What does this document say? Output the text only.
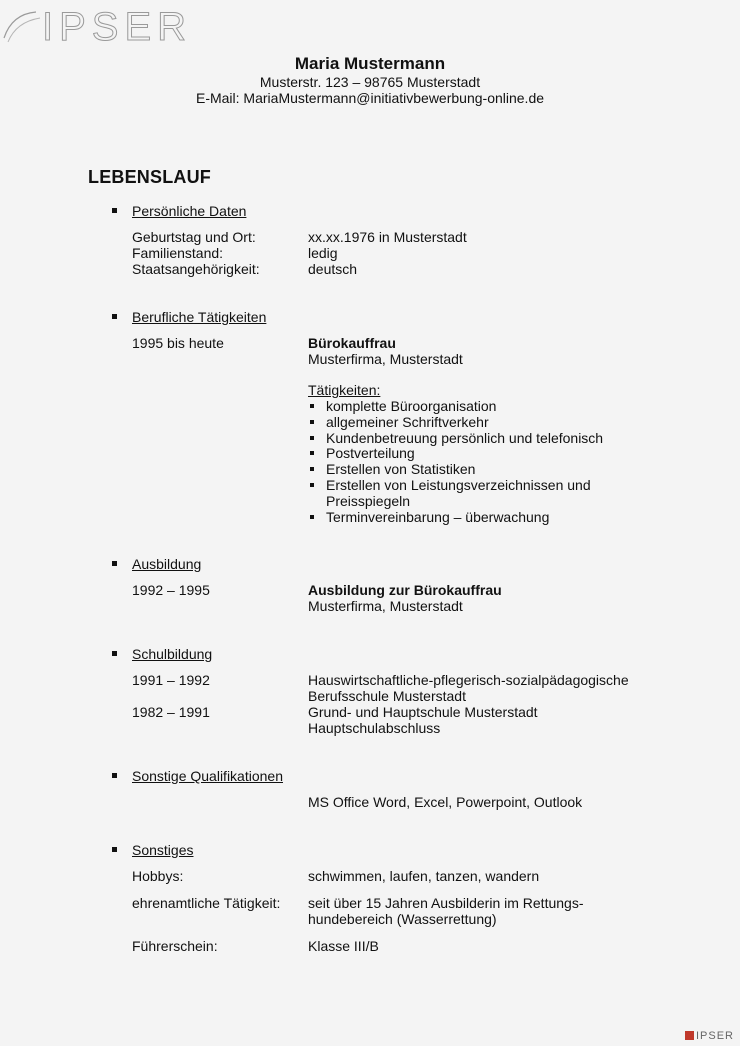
IPSER
Maria Mustermann
Musterstr. 123 – 98765 Musterstadt
E-Mail: MariaMustermann@initiativbewerbung-online.de
LEBENSLAUF
Persönliche Daten
Geburtstag und Ort:	xx.xx.1976 in Musterstadt
Familienstand:	ledig
Staatsangehörigkeit:	deutsch
Berufliche Tätigkeiten
1995 bis heute	Bürokauffrau
Musterfirma, Musterstadt
Tätigkeiten:
komplette Büroorganisation
allgemeiner Schriftverkehr
Kundenbetreuung persönlich und telefonisch
Postverteilung
Erstellen von Statistiken
Erstellen von Leistungsverzeichnissen und
Preisspiegeln
Terminvereinbarung – überwachung
Ausbildung
1992 – 1995	Ausbildung zur Bürokauffrau
Musterfirma, Musterstadt
Schulbildung
1991 – 1992	Hauswirtschaftliche-pflegerisch-sozialpädagogische
Berufsschule Musterstadt
1982 – 1991	Grund- und Hauptschule Musterstadt
Hauptschulabschluss
Sonstige Qualifikationen
MS Office Word, Excel, Powerpoint, Outlook
Sonstiges
Hobbys:	schwimmen, laufen, tanzen, wandern
ehrenamtliche Tätigkeit: seit über 15 Jahren Ausbilderin im Rettungs-
hundebereich (Wasserrettung)
Führerschein:	Klasse III/B
IPSER
